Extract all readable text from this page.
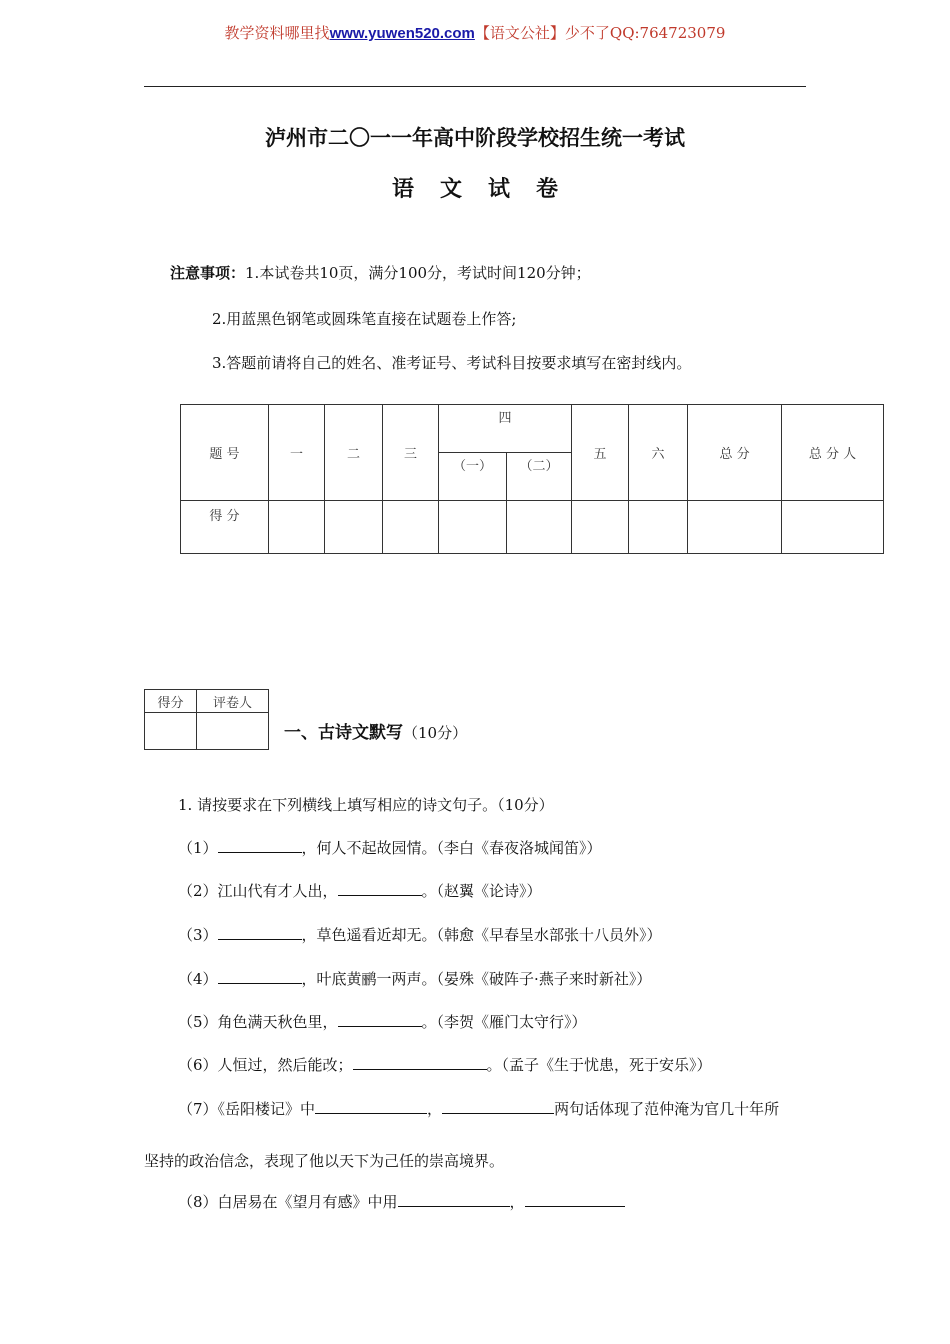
教学资料哪里找www.yuwen520.com【语文公社】少不了QQ:764723079
泸州市二〇一一年高中阶段学校招生统一考试
语文试卷
注意事项：1.本试卷共10页，满分100分，考试时间120分钟；
2.用蓝黑色钢笔或圆珠笔直接在试题卷上作答;
3.答题前请将自己的姓名、准考证号、考试科目按要求填写在密封线内。
题 号	一	二	三	四		五	六	总 分	总 分 人
				（一）	（二）				
得 分									
得分	评卷人

一、古诗文默写（10分）
1. 请按要求在下列横线上填写相应的诗文句子。（10分）
（1）	，何人不起故园情。（李白《春夜洛城闻笛》）
（2）江山代有才人出，	。（赵翼《论诗》）
（3）	，草色遥看近却无。（韩愈《早春呈水部张十八员外》）
（4）	，叶底黄鹂一两声。（晏殊《破阵子·燕子来时新社》）
（5）角色满天秋色里，	。（李贺《雁门太守行》）
（6）人恒过，然后能改；	。（孟子《生于忧患，死于安乐》）
（7）《岳阳楼记》中	，	两句话体现了范仲淹为官几十年所
坚持的政治信念，表现了他以天下为己任的崇高境界。
（8）白居易在《望月有感》中用	，
